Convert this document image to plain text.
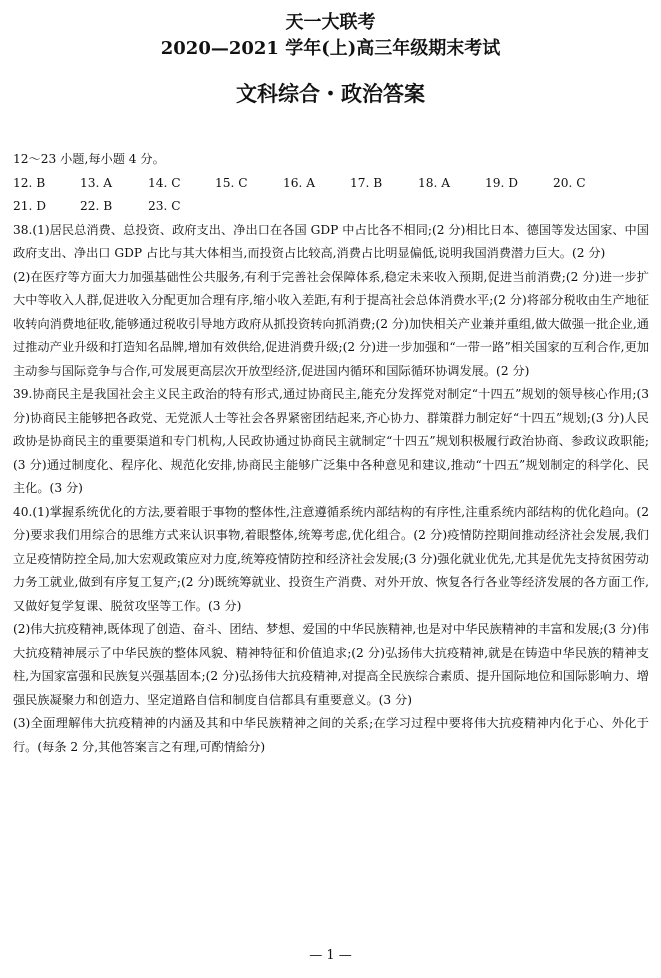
天一大联考
2020—2021 学年(上)高三年级期末考试
文科综合・政治答案
12～23 小题,每小题 4 分。
12. B	13. A	14. C	15. C	16. A	17. B	18. A	19. D	20. C
21. D	22. B	23. C
38.(1)居民总消费、总投资、政府支出、净出口在各国 GDP 中占比各不相同;(2 分)相比日本、德国等发达国家、中国政府支出、净出口 GDP 占比与其大体相当,而投资占比较高,消费占比明显偏低,说明我国消费潜力巨大。(2 分)
(2)在医疗等方面大力加强基础性公共服务,有利于完善社会保障体系,稳定未来收入预期,促进当前消费;(2 分)进一步扩大中等收入人群,促进收入分配更加合理有序,缩小收入差距,有利于提高社会总体消费水平;(2 分)将部分税收由生产地征收转向消费地征收,能够通过税收引导地方政府从抓投资转向抓消费;(2 分)加快相关产业兼并重组,做大做强一批企业,通过推动产业升级和打造知名品牌,增加有效供给,促进消费升级;(2 分)进一步加强和“一带一路”相关国家的互利合作,更加主动参与国际竞争与合作,可发展更高层次开放型经济,促进国内循环和国际循环协调发展。(2 分)
39.协商民主是我国社会主义民主政治的特有形式,通过协商民主,能充分发挥党对制定“十四五”规划的领导核心作用;(3 分)协商民主能够把各政党、无党派人士等社会各界紧密团结起来,齐心协力、群策群力制定好“十四五”规划;(3 分)人民政协是协商民主的重要渠道和专门机构,人民政协通过协商民主就制定“十四五”规划积极履行政治协商、参政议政职能;(3 分)通过制度化、程序化、规范化安排,协商民主能够广泛集中各种意见和建议,推动“十四五”规划制定的科学化、民主化。(3 分)
40.(1)掌握系统优化的方法,要着眼于事物的整体性,注意遵循系统内部结构的有序性,注重系统内部结构的优化趋向。(2 分)要求我们用综合的思维方式来认识事物,着眼整体,统筹考虑,优化组合。(2 分)疫情防控期间推动经济社会发展,我们立足疫情防控全局,加大宏观政策应对力度,统筹疫情防控和经济社会发展;(3 分)强化就业优先,尤其是优先支持贫困劳动力务工就业,做到有序复工复产;(2 分)既统筹就业、投资生产消费、对外开放、恢复各行各业等经济发展的各方面工作,又做好复学复课、脱贫攻坚等工作。(3 分)
(2)伟大抗疫精神,既体现了创造、奋斗、团结、梦想、爱国的中华民族精神,也是对中华民族精神的丰富和发展;(3 分)伟大抗疫精神展示了中华民族的整体风貌、精神特征和价值追求;(2 分)弘扬伟大抗疫精神,就是在铸造中华民族的精神支柱,为国家富强和民族复兴强基固本;(2 分)弘扬伟大抗疫精神,对提高全民族综合素质、提升国际地位和国际影响力、增强民族凝聚力和创造力、坚定道路自信和制度自信都具有重要意义。(3 分)
(3)全面理解伟大抗疫精神的内涵及其和中华民族精神之间的关系;在学习过程中要将伟大抗疫精神内化于心、外化于行。(每条 2 分,其他答案言之有理,可酌情給分)
— 1 —
